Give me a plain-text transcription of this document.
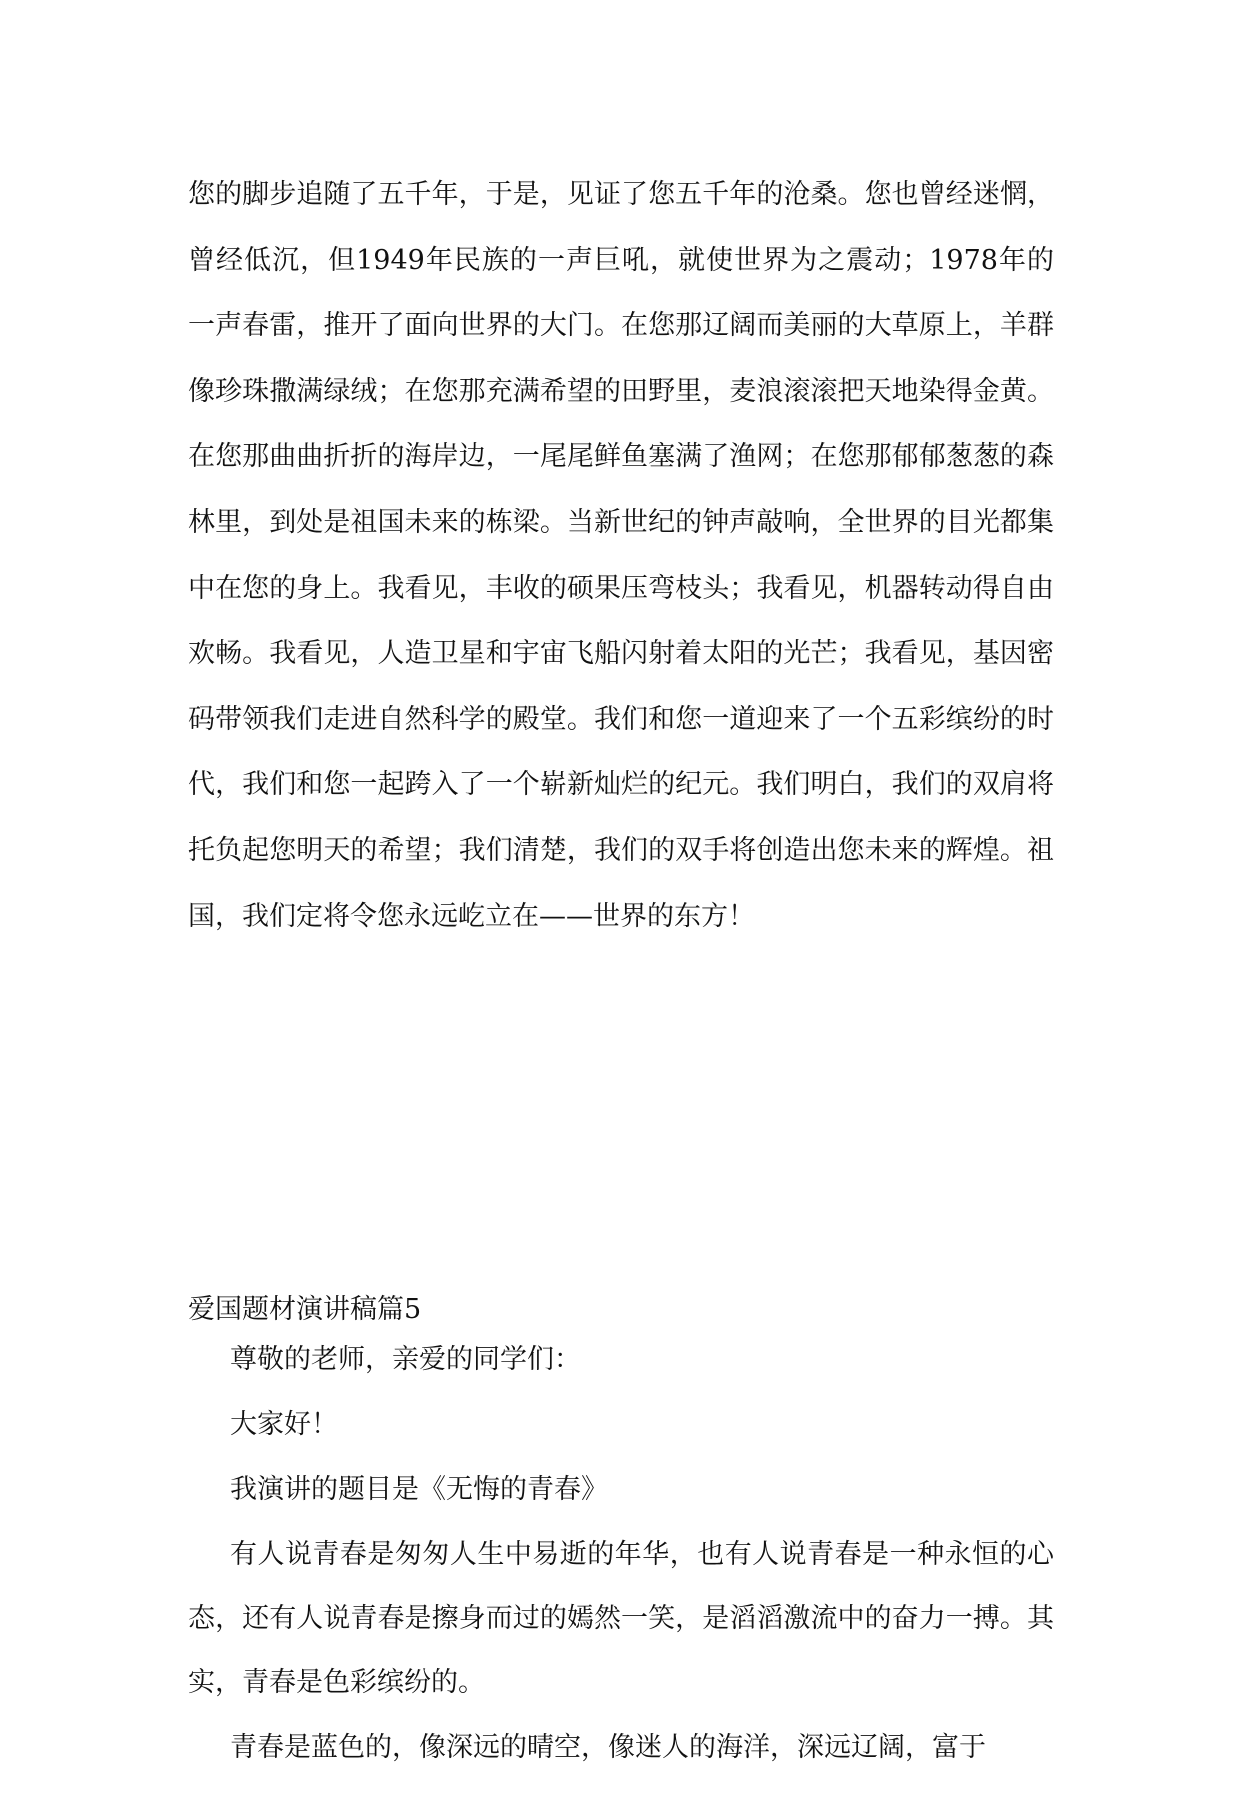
您的脚步追随了五千年，于是，见证了您五千年的沧桑。您也曾经迷惘，曾经低沉，但1949年民族的一声巨吼，就使世界为之震动；1978年的一声春雷，推开了面向世界的大门。在您那辽阔而美丽的大草原上，羊群像珍珠撒满绿绒；在您那充满希望的田野里，麦浪滚滚把天地染得金黄。在您那曲曲折折的海岸边，一尾尾鲜鱼塞满了渔网；在您那郁郁葱葱的森林里，到处是祖国未来的栋梁。当新世纪的钟声敲响，全世界的目光都集中在您的身上。我看见，丰收的硕果压弯枝头；我看见，机器转动得自由欢畅。我看见，人造卫星和宇宙飞船闪射着太阳的光芒；我看见，基因密码带领我们走进自然科学的殿堂。我们和您一道迎来了一个五彩缤纷的时代，我们和您一起跨入了一个崭新灿烂的纪元。我们明白，我们的双肩将托负起您明天的希望；我们清楚，我们的双手将创造出您未来的辉煌。祖国，我们定将令您永远屹立在——世界的东方！

爱国题材演讲稿篇5

尊敬的老师，亲爱的同学们：

大家好！

我演讲的题目是《无悔的青春》

有人说青春是匆匆人生中易逝的年华，也有人说青春是一种永恒的心态，还有人说青春是擦身而过的嫣然一笑，是滔滔激流中的奋力一搏。其实，青春是色彩缤纷的。

青春是蓝色的，像深远的晴空，像迷人的海洋，深远辽阔，富于
